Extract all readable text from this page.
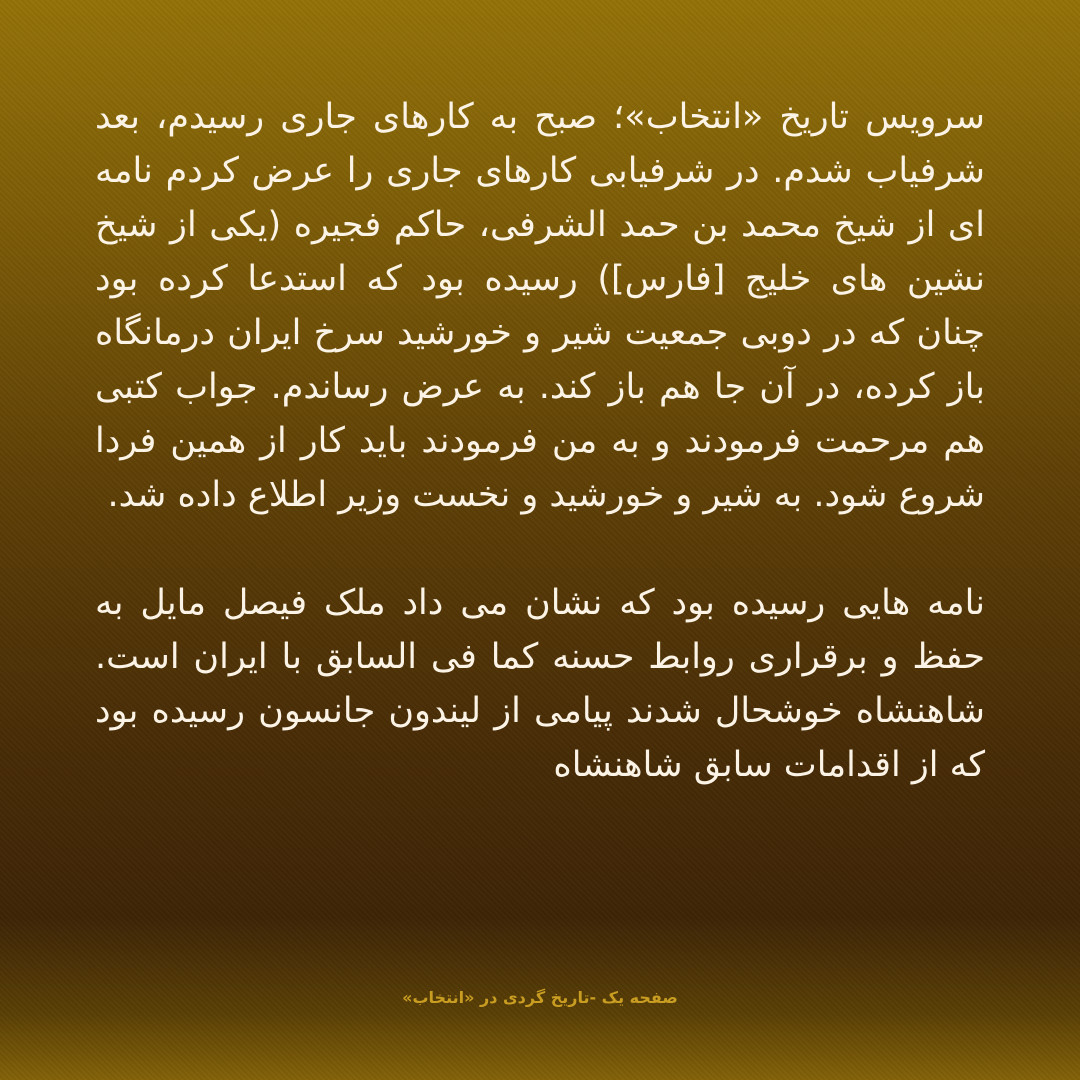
سرویس تاریخ «انتخاب»؛ صبح به کارهای جاری رسیدم، بعد شرفیاب شدم. در شرفیابی کارهای جاری را عرض کردم نامه ای از شیخ محمد بن حمد الشرفی، حاکم فجیره (یکی از شیخ نشین های خلیج [فارس]) رسیده بود که استدعا کرده بود چنان که در دوبی جمعیت شیر و خورشید سرخ ایران درمانگاه باز کرده، در آن جا هم باز کند. به عرض رساندم. جواب کتبی هم مرحمت فرمودند و به من فرمودند باید کار از همین فردا شروع شود. به شیر و خورشید و نخست وزیر اطلاع داده شد.

نامه هایی رسیده بود که نشان می داد ملک فیصل مایل به حفظ و برقراری روابط حسنه کما فی السابق با ایران است. شاهنشاه خوشحال شدند پیامی از لیندون جانسون رسیده بود که از اقدامات سابق شاهنشاه

صفحه یک -تاریخ گردی در «انتخاب»
